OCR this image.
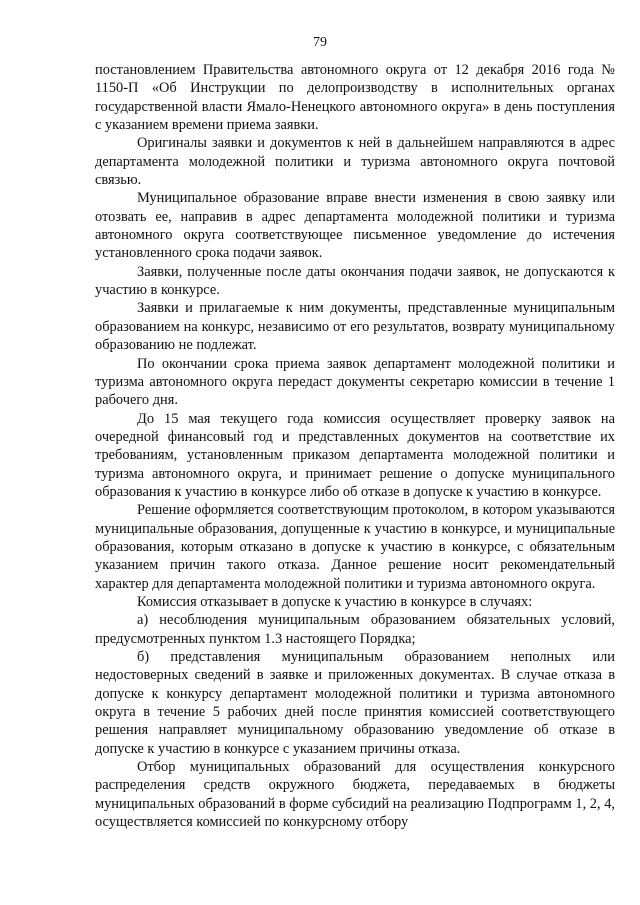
79

постановлением Правительства автономного округа от 12 декабря 2016 года № 1150-П «Об Инструкции по делопроизводству в исполнительных органах государственной власти Ямало-Ненецкого автономного округа» в день поступления с указанием времени приема заявки.

Оригиналы заявки и документов к ней в дальнейшем направляются в адрес департамента молодежной политики и туризма автономного округа почтовой связью.

Муниципальное образование вправе внести изменения в свою заявку или отозвать ее, направив в адрес департамента молодежной политики и туризма автономного округа соответствующее письменное уведомление до истечения установленного срока подачи заявок.

Заявки, полученные после даты окончания подачи заявок, не допускаются к участию в конкурсе.

Заявки и прилагаемые к ним документы, представленные муниципальным образованием на конкурс, независимо от его результатов, возврату муниципальному образованию не подлежат.

По окончании срока приема заявок департамент молодежной политики и туризма автономного округа передаст документы секретарю комиссии в течение 1 рабочего дня.

До 15 мая текущего года комиссия осуществляет проверку заявок на очередной финансовый год и представленных документов на соответствие их требованиям, установленным приказом департамента молодежной политики и туризма автономного округа, и принимает решение о допуске муниципального образования к участию в конкурсе либо об отказе в допуске к участию в конкурсе.

Решение оформляется соответствующим протоколом, в котором указываются муниципальные образования, допущенные к участию в конкурсе, и муниципальные образования, которым отказано в допуске к участию в конкурсе, с обязательным указанием причин такого отказа. Данное решение носит рекомендательный характер для департамента молодежной политики и туризма автономного округа.

Комиссия отказывает в допуске к участию в конкурсе в случаях:

а) несоблюдения муниципальным образованием обязательных условий, предусмотренных пунктом 1.3 настоящего Порядка;

б) представления муниципальным образованием неполных или недостоверных сведений в заявке и приложенных документах. В случае отказа в допуске к конкурсу департамент молодежной политики и туризма автономного округа в течение 5 рабочих дней после принятия комиссией соответствующего решения направляет муниципальному образованию уведомление об отказе в допуске к участию в конкурсе с указанием причины отказа.

Отбор муниципальных образований для осуществления конкурсного распределения средств окружного бюджета, передаваемых в бюджеты муниципальных образований в форме субсидий на реализацию Подпрограмм 1, 2, 4, осуществляется комиссией по конкурсному отбору
